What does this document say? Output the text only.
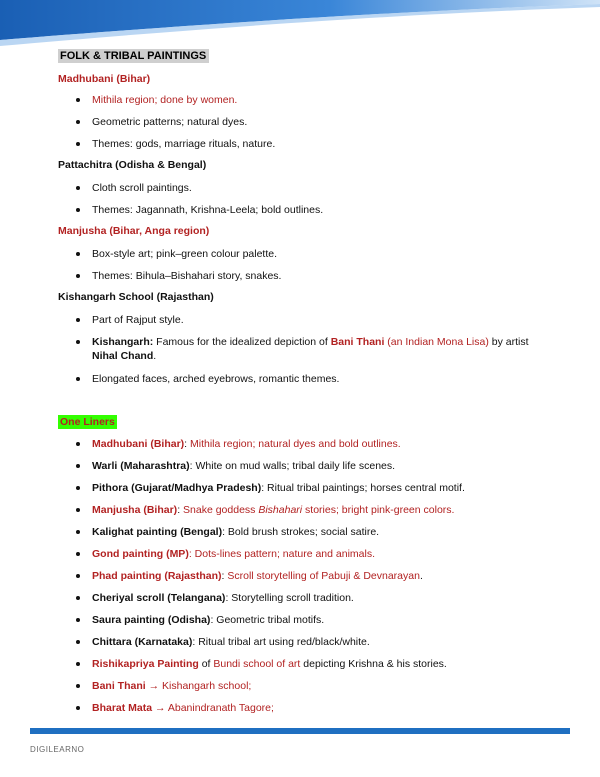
FOLK & TRIBAL PAINTINGS
Madhubani (Bihar)
Mithila region; done by women.
Geometric patterns; natural dyes.
Themes: gods, marriage rituals, nature.
Pattachitra (Odisha & Bengal)
Cloth scroll paintings.
Themes: Jagannath, Krishna-Leela; bold outlines.
Manjusha (Bihar, Anga region)
Box-style art; pink–green colour palette.
Themes: Bihula–Bishahari story, snakes.
Kishangarh School (Rajasthan)
Part of Rajput style.
Kishangarh: Famous for the idealized depiction of Bani Thani (an Indian Mona Lisa) by artist Nihal Chand.
Elongated faces, arched eyebrows, romantic themes.
One Liners
Madhubani (Bihar): Mithila region; natural dyes and bold outlines.
Warli (Maharashtra): White on mud walls; tribal daily life scenes.
Pithora (Gujarat/Madhya Pradesh): Ritual tribal paintings; horses central motif.
Manjusha (Bihar): Snake goddess Bishahari stories; bright pink-green colors.
Kalighat painting (Bengal): Bold brush strokes; social satire.
Gond painting (MP): Dots-lines pattern; nature and animals.
Phad painting (Rajasthan): Scroll storytelling of Pabuji & Devnarayan.
Cheriyal scroll (Telangana): Storytelling scroll tradition.
Saura painting (Odisha): Geometric tribal motifs.
Chittara (Karnataka): Ritual tribal art using red/black/white.
Rishikapriya Painting of Bundi school of art depicting Krishna & his stories.
Bani Thani → Kishangarh school;
Bharat Mata → Abanindranath Tagore;
DIGILEARNO
